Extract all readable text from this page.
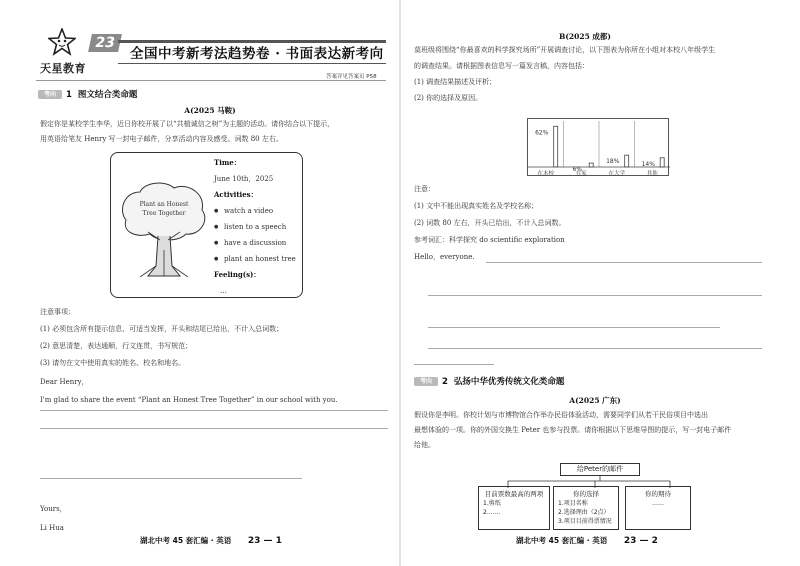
天星教育
23
全国中考新考法趋势卷 · 书面表达新考向
答案详见答案页 P58
考向 1 图文结合类命题
A(2025 马鞍)
假定你是某校学生李华，近日你校开展了以“共植诚信之树”为主题的活动。请你结合以下提示，
用英语给笔友 Henry 写一封电子邮件，分享活动内容及感受。词数 80 左右。
Plant an Honest
Tree Together
Time：
June 10th，2025
Activities：
● watch a video
● listen to a speech
● have a discussion
● plant an honest tree
Feeling(s)：
…
注意事项：
(1) 必须包含所有提示信息，可适当发挥，开头和结尾已给出，不计入总词数；
(2) 意思清楚，表达通顺，行文连贯，书写规范；
(3) 请勿在文中使用真实的姓名、校名和地名。
Dear Henry，
I'm glad to share the event “Plant an Honest Tree Together” in our school with you.
Yours，
Li Hua
湖北中考 45 套汇编 · 英语 23 — 1
B(2025 成都)
莫班级将围绕“你最喜欢的科学探究场所”开展调查讨论，以下图表为你所在小组对本校八年级学生
的调查结果。请根据图表信息写一篇发言稿，内容包括：
(1) 调查结果描述及评析；
(2) 你的选择及原因。
62%
在本校
6%
在家
18%
在大学
14%
其他
注意：
(1) 文中不能出现真实姓名及学校名称；
(2) 词数 80 左右，开头已给出，不计入总词数。
参考词汇：科学探究 do scientific exploration
Hello，everyone.
考向 2 弘扬中华优秀传统文化类命题
A(2025 广东)
假设你是李明。你校计划与市博物馆合作举办民俗体验活动，需要同学们从若干民俗项目中选出
最想体验的一项。你的外国交换生 Peter 也参与投票。请你根据以下思维导图的提示，写一封电子邮件
给他。
给Peter的邮件
目前票数最高的两项
1.剪纸
2.……
你的选择
1.项目名称
2.选择理由（2点）
3.项目目前得票情况
你的期待
……
湖北中考 45 套汇编 · 英语 23 — 2
